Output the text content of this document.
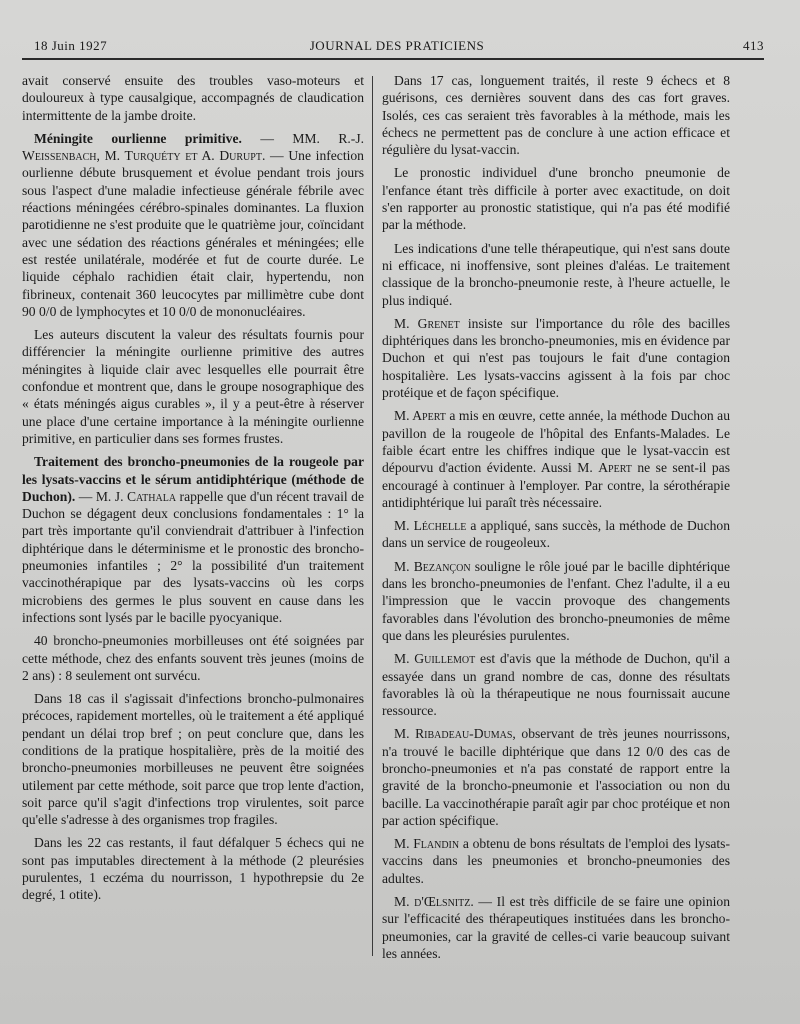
18 Juin 1927	JOURNAL DES PRATICIENS	413

avait conservé ensuite des troubles vaso-moteurs et douloureux à type causalgique, accompagnés de claudication intermittente de la jambe droite.

Méningite ourlienne primitive. — MM. R.-J. Weissenbach, M. Turquéty et A. Durupt. — Une infection ourlienne débute brusquement et évolue pendant trois jours sous l'aspect d'une maladie infectieuse générale fébrile avec réactions méningées cérébro-spinales dominantes. La fluxion parotidienne ne s'est produite que le quatrième jour, coïncidant avec une sédation des réactions générales et méningées; elle est restée unilatérale, modérée et fut de courte durée. Le liquide céphalo rachidien était clair, hypertendu, non fibrineux, contenait 360 leucocytes par millimètre cube dont 90 0/0 de lymphocytes et 10 0/0 de mononucléaires.

Les auteurs discutent la valeur des résultats fournis pour différencier la méningite ourlienne primitive des autres méningites à liquide clair avec lesquelles elle pourrait être confondue et montrent que, dans le groupe nosographique des « états méningés aigus curables », il y a peut-être à réserver une place d'une certaine importance à la méningite ourlienne primitive, en particulier dans ses formes frustes.

Traitement des broncho-pneumonies de la rougeole par les lysats-vaccins et le sérum antidiphtérique (méthode de Duchon). — M. J. Cathala rappelle que d'un récent travail de Duchon se dégagent deux conclusions fondamentales : 1° la part très importante qu'il conviendrait d'attribuer à l'infection diphtérique dans le déterminisme et le pronostic des broncho-pneumonies infantiles ; 2° la possibilité d'un traitement vaccinothérapique par des lysats-vaccins où les corps microbiens des germes le plus souvent en cause dans les infections sont lysés par le bacille pyocyanique.

40 broncho-pneumonies morbilleuses ont été soignées par cette méthode, chez des enfants souvent très jeunes (moins de 2 ans) : 8 seulement ont survécu.

Dans 18 cas il s'agissait d'infections broncho-pulmonaires précoces, rapidement mortelles, où le traitement a été appliqué pendant un délai trop bref ; on peut conclure que, dans les conditions de la pratique hospitalière, près de la moitié des broncho-pneumonies morbilleuses ne peuvent être soignées utilement par cette méthode, soit parce que trop lente d'action, soit parce qu'il s'agit d'infections trop virulentes, soit parce qu'elle s'adresse à des organismes trop fragiles.

Dans les 22 cas restants, il faut défalquer 5 échecs qui ne sont pas imputables directement à la méthode (2 pleurésies purulentes, 1 eczéma du nourrisson, 1 hypothrepsie du 2e degré, 1 otite).

Dans 17 cas, longuement traités, il reste 9 échecs et 8 guérisons, ces dernières souvent dans des cas fort graves. Isolés, ces cas seraient très favorables à la méthode, mais les échecs ne permettent pas de conclure à une action efficace et régulière du lysat-vaccin.

Le pronostic individuel d'une broncho pneumonie de l'enfance étant très difficile à porter avec exactitude, on doit s'en rapporter au pronostic statistique, qui n'a pas été modifié par la méthode.

Les indications d'une telle thérapeutique, qui n'est sans doute ni efficace, ni inoffensive, sont pleines d'aléas. Le traitement classique de la broncho-pneumonie reste, à l'heure actuelle, le plus indiqué.

M. Grenet insiste sur l'importance du rôle des bacilles diphtériques dans les broncho-pneumonies, mis en évidence par Duchon et qui n'est pas toujours le fait d'une contagion hospitalière. Les lysats-vaccins agissent à la fois par choc protéique et de façon spécifique.

M. Apert a mis en œuvre, cette année, la méthode Duchon au pavillon de la rougeole de l'hôpital des Enfants-Malades. Le faible écart entre les chiffres indique que le lysat-vaccin est dépourvu d'action évidente. Aussi M. Apert ne se sent-il pas encouragé à continuer à l'employer. Par contre, la sérothérapie antidiphtérique lui paraît très nécessaire.

M. Léchelle a appliqué, sans succès, la méthode de Duchon dans un service de rougeoleux.

M. Bezançon souligne le rôle joué par le bacille diphtérique dans les broncho-pneumonies de l'enfant. Chez l'adulte, il a eu l'impression que le vaccin provoque des changements favorables dans l'évolution des broncho-pneumonies de même que dans les pleurésies purulentes.

M. Guillemot est d'avis que la méthode de Duchon, qu'il a essayée dans un grand nombre de cas, donne des résultats favorables là où la thérapeutique ne nous fournissait aucune ressource.

M. Ribadeau-Dumas, observant de très jeunes nourrissons, n'a trouvé le bacille diphtérique que dans 12 0/0 des cas de broncho-pneumonies et n'a pas constaté de rapport entre la gravité de la broncho-pneumonie et l'association ou non du bacille. La vaccinothérapie paraît agir par choc protéique et non par action spécifique.

M. Flandin a obtenu de bons résultats de l'emploi des lysats-vaccins dans les pneumonies et broncho-pneumonies des adultes.

M. d'Œlsnitz. — Il est très difficile de se faire une opinion sur l'efficacité des thérapeutiques instituées dans les broncho-pneumonies, car la gravité de celles-ci varie beaucoup suivant les années.
